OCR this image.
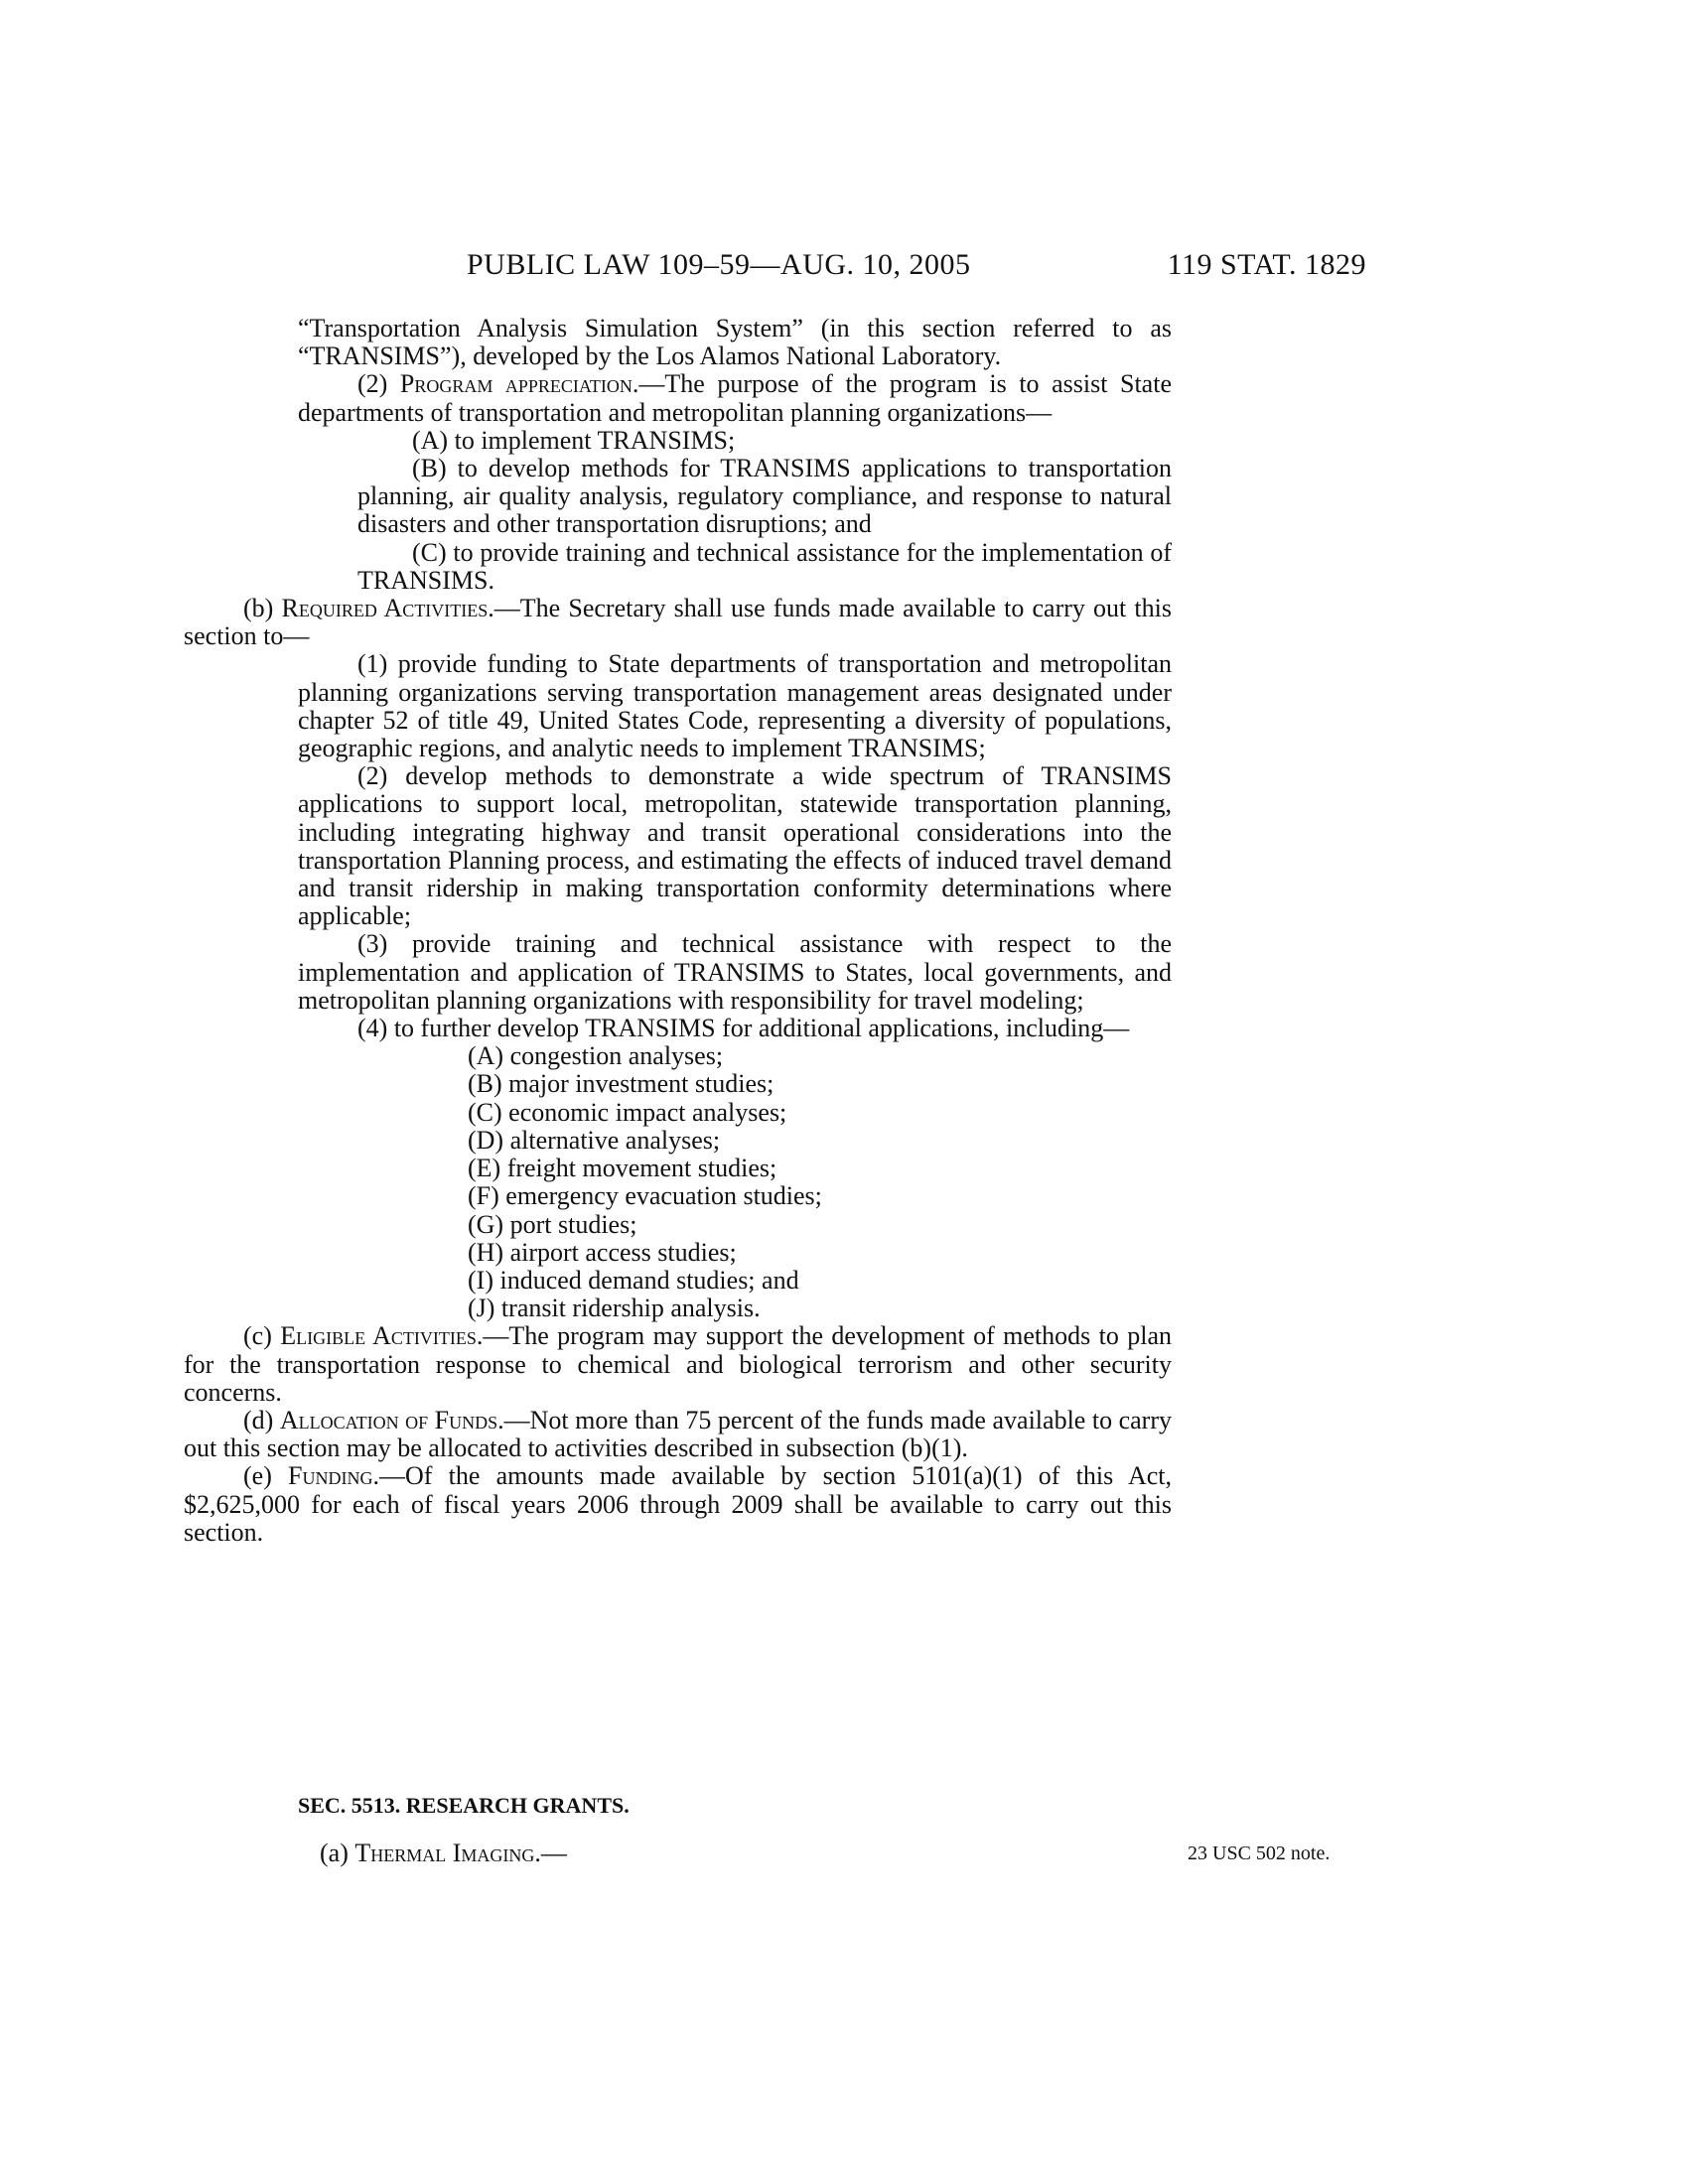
PUBLIC LAW 109–59—AUG. 10, 2005	119 STAT. 1829

“Transportation Analysis Simulation System” (in this section referred to as “TRANSIMS”), developed by the Los Alamos National Laboratory.

(2) Program appreciation.—The purpose of the program is to assist State departments of transportation and metropolitan planning organizations—

(A) to implement TRANSIMS;

(B) to develop methods for TRANSIMS applications to transportation planning, air quality analysis, regulatory compliance, and response to natural disasters and other transportation disruptions; and

(C) to provide training and technical assistance for the implementation of TRANSIMS.

(b) Required Activities.—The Secretary shall use funds made available to carry out this section to—

(1) provide funding to State departments of transportation and metropolitan planning organizations serving transportation management areas designated under chapter 52 of title 49, United States Code, representing a diversity of populations, geographic regions, and analytic needs to implement TRANSIMS;

(2) develop methods to demonstrate a wide spectrum of TRANSIMS applications to support local, metropolitan, statewide transportation planning, including integrating highway and transit operational considerations into the transportation Planning process, and estimating the effects of induced travel demand and transit ridership in making transportation conformity determinations where applicable;

(3) provide training and technical assistance with respect to the implementation and application of TRANSIMS to States, local governments, and metropolitan planning organizations with responsibility for travel modeling;

(4) to further develop TRANSIMS for additional applications, including—

(A) congestion analyses;

(B) major investment studies;

(C) economic impact analyses;

(D) alternative analyses;

(E) freight movement studies;

(F) emergency evacuation studies;

(G) port studies;

(H) airport access studies;

(I) induced demand studies; and

(J) transit ridership analysis.

(c) Eligible Activities.—The program may support the development of methods to plan for the transportation response to chemical and biological terrorism and other security concerns.

(d) Allocation of Funds.—Not more than 75 percent of the funds made available to carry out this section may be allocated to activities described in subsection (b)(1).

(e) Funding.—Of the amounts made available by section 5101(a)(1) of this Act, $2,625,000 for each of fiscal years 2006 through 2009 shall be available to carry out this section.

SEC. 5513. RESEARCH GRANTS.
(a) Thermal Imaging.—	23 USC 502 note.
